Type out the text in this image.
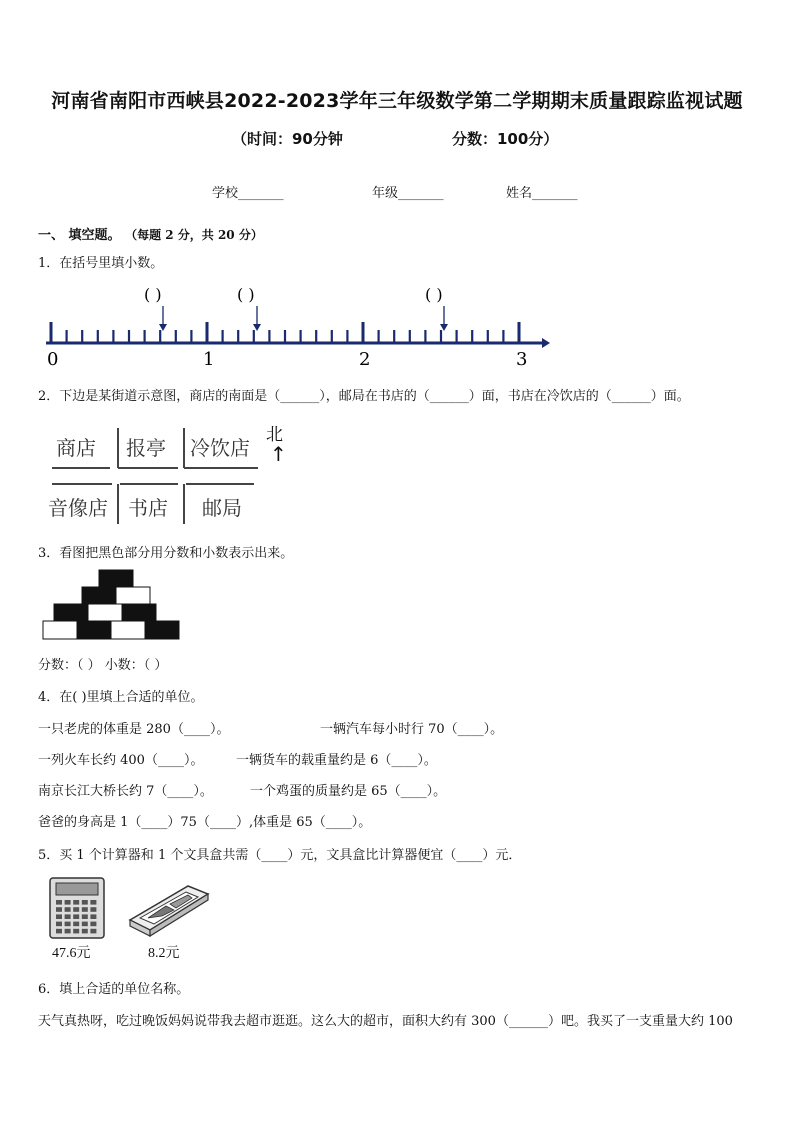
河南省南阳市西峡县2022-2023学年三年级数学第二学期期末质量跟踪监视试题
（时间：90分钟	分数：100分）
学校_______	年级_______	姓名_______
一、 填空题。 （每题 2 分，共 20 分）
1．在括号里填小数。
( )	( )	( )
0	1	2	3
2．下边是某街道示意图，商店的南面是（______），邮局在书店的（______）面，书店在冷饮店的（______）面。
商店 报亭 冷饮店
音像店 书店 邮局
北
↑
3．看图把黑色部分用分数和小数表示出来。
分数：（ ） 小数：（ ）
4．在( )里填上合适的单位。
一只老虎的体重是 280（____）。	一辆汽车每小时行 70（____）。
一列火车长约 400（____）。	一辆货车的载重量约是 6（____）。
南京长江大桥长约 7（____）。	一个鸡蛋的质量约是 65（____）。
爸爸的身高是 1（____）75（____）,体重是 65（____）。
5．买 1 个计算器和 1 个文具盒共需（____）元，文具盒比计算器便宜（____）元．
47.6元	8.2元
6．填上合适的单位名称。
天气真热呀，吃过晚饭妈妈说带我去超市逛逛。这么大的超市，面积大约有 300（______）吧。我买了一支重量大约 100
